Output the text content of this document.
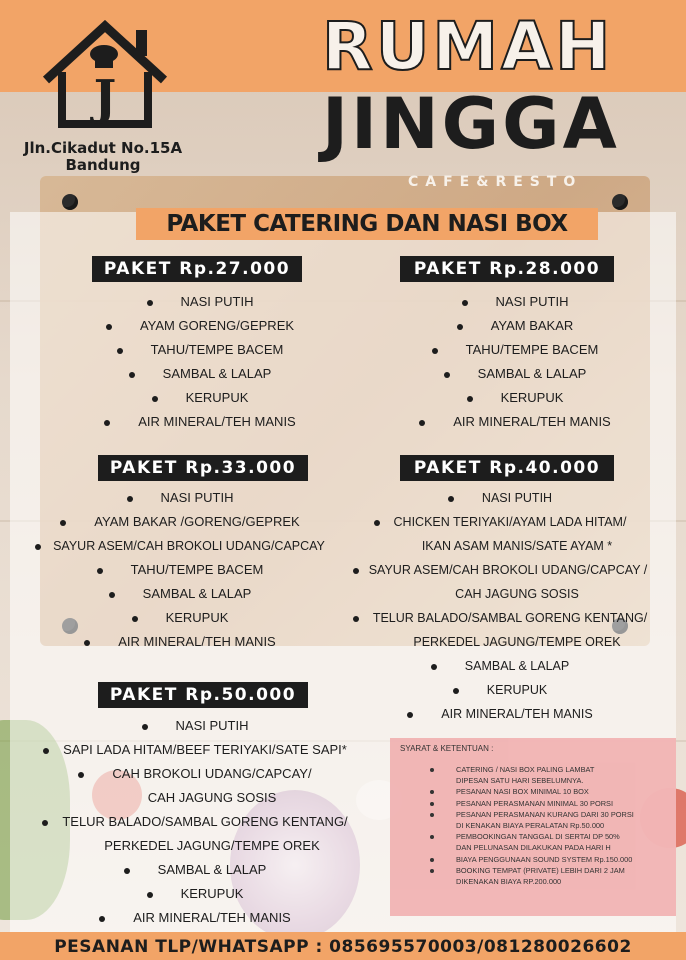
J
Jln.Cikadut No.15A
Bandung
RUMAH
JINGGA
CAFE&RESTO
PAKET CATERING DAN NASI BOX
PAKET Rp.27.000
NASI PUTIH
AYAM GORENG/GEPREK
TAHU/TEMPE BACEM
SAMBAL & LALAP
KERUPUK
AIR MINERAL/TEH MANIS
PAKET Rp.28.000
NASI PUTIH
AYAM BAKAR
TAHU/TEMPE BACEM
SAMBAL & LALAP
KERUPUK
AIR MINERAL/TEH MANIS
PAKET Rp.33.000
NASI PUTIH
AYAM BAKAR /GORENG/GEPREK
SAYUR ASEM/CAH BROKOLI UDANG/CAPCAY
TAHU/TEMPE BACEM
SAMBAL & LALAP
KERUPUK
AIR MINERAL/TEH MANIS
PAKET Rp.40.000
NASI PUTIH
CHICKEN TERIYAKI/AYAM LADA HITAM/
IKAN ASAM MANIS/SATE AYAM *
SAYUR ASEM/CAH BROKOLI UDANG/CAPCAY /
CAH JAGUNG SOSIS
TELUR BALADO/SAMBAL GORENG KENTANG/
PERKEDEL JAGUNG/TEMPE OREK
SAMBAL & LALAP
KERUPUK
AIR MINERAL/TEH MANIS
PAKET Rp.50.000
NASI PUTIH
SAPI LADA HITAM/BEEF TERIYAKI/SATE SAPI*
CAH BROKOLI UDANG/CAPCAY/
CAH JAGUNG SOSIS
TELUR BALADO/SAMBAL GORENG KENTANG/
PERKEDEL JAGUNG/TEMPE OREK
SAMBAL & LALAP
KERUPUK
AIR MINERAL/TEH MANIS
SYARAT & KETENTUAN :
CATERING / NASI BOX PALING LAMBAT
DIPESAN SATU HARI SEBELUMNYA.
PESANAN NASI BOX MINIMAL 10 BOX
PESANAN PERASMANAN MINIMAL 30 PORSI
PESANAN PERASMANAN KURANG DARI 30 PORSI
DI KENAKAN BIAYA PERALATAN Rp.50.000
PEMBOOKINGAN TANGGAL DI SERTAI DP 50%
DAN PELUNASAN DILAKUKAN PADA HARI H
BIAYA PENGGUNAAN SOUND SYSTEM Rp.150.000
BOOKING TEMPAT (PRIVATE) LEBIH DARI 2 JAM
DIKENAKAN BIAYA RP.200.000
PESANAN TLP/WHATSAPP : 085695570003/081280026602
